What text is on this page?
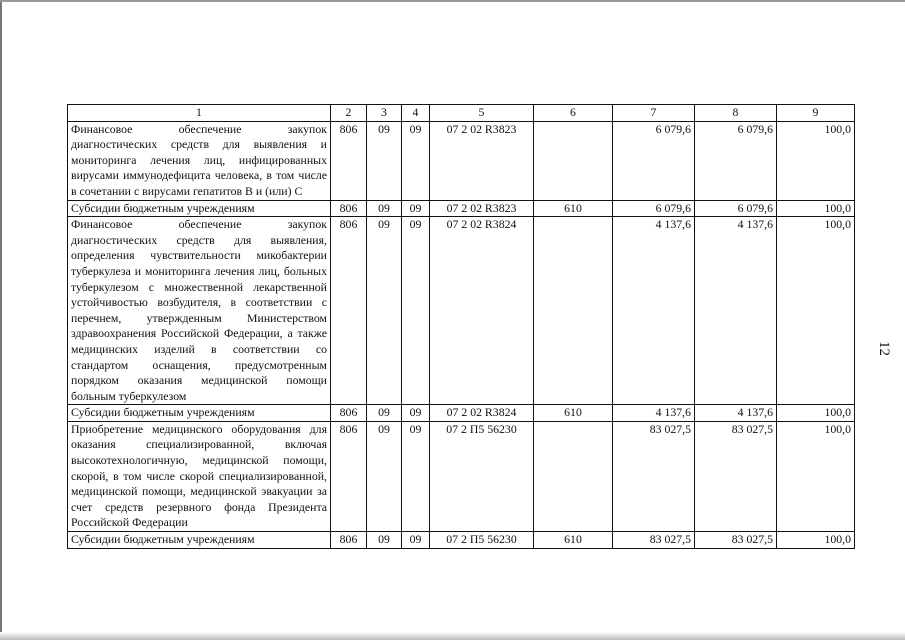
12
1	2	3	4	5	6	7	8	9
Финансовое обеспечение закупок диагностических средств для выявления и мониторинга лечения лиц, инфицированных вирусами иммунодефицита человека, в том числе в сочетании с вирусами гепатитов В и (или) С	806	09	09	07 2 02 R3823		6 079,6	6 079,6	100,0
Субсидии бюджетным учреждениям	806	09	09	07 2 02 R3823	610	6 079,6	6 079,6	100,0
Финансовое обеспечение закупок диагностических средств для выявления, определения чувствительности микобактерии туберкулеза и мониторинга лечения лиц, больных туберкулезом с множественной лекарственной устойчивостью возбудителя, в соответствии с перечнем, утвержденным Министерством здравоохранения Российской Федерации, а также медицинских изделий в соответствии со стандартом оснащения, предусмотренным порядком оказания медицинской помощи больным туберкулезом	806	09	09	07 2 02 R3824		4 137,6	4 137,6	100,0
Субсидии бюджетным учреждениям	806	09	09	07 2 02 R3824	610	4 137,6	4 137,6	100,0
Приобретение медицинского оборудования для оказания специализированной, включая высокотехнологичную, медицинской помощи, скорой, в том числе скорой специализированной, медицинской помощи, медицинской эвакуации за счет средств резервного фонда Президента Российской Федерации	806	09	09	07 2 П5 56230		83 027,5	83 027,5	100,0
Субсидии бюджетным учреждениям	806	09	09	07 2 П5 56230	610	83 027,5	83 027,5	100,0
